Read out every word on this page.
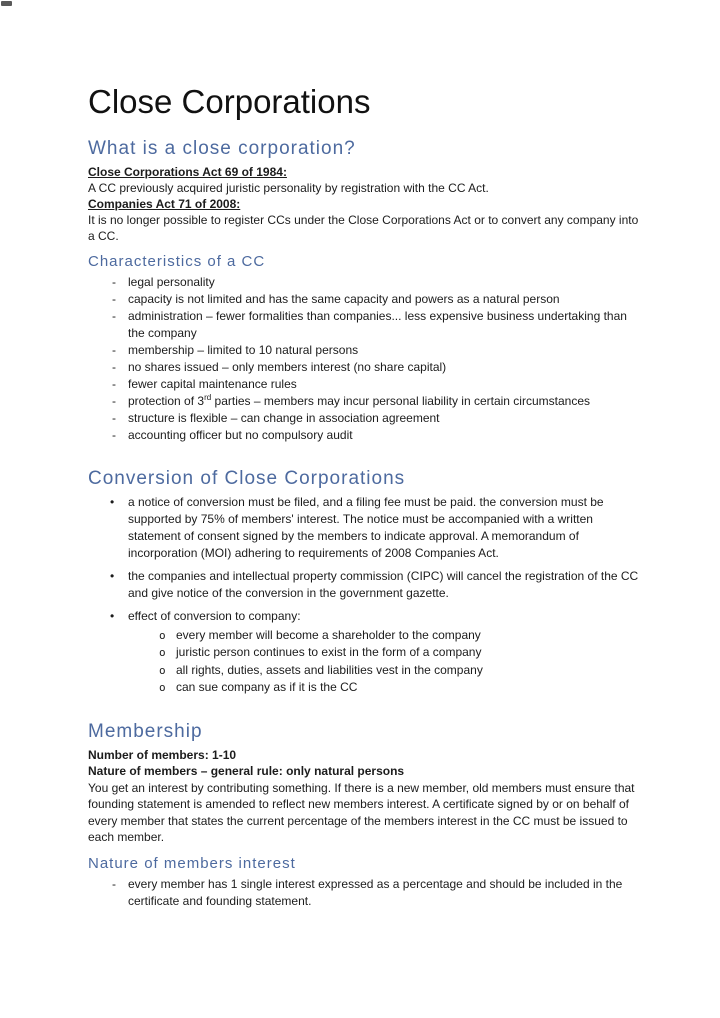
Close Corporations
What is a close corporation?

Close Corporations Act 69 of 1984:

A CC previously acquired juristic personality by registration with the CC Act.

Companies Act 71 of 2008:

It is no longer possible to register CCs under the Close Corporations Act or to convert any company into a CC.

Characteristics of a CC
- legal personality
- capacity is not limited and has the same capacity and powers as a natural person
- administration – fewer formalities than companies... less expensive business undertaking than the company
- membership – limited to 10 natural persons
- no shares issued – only members interest (no share capital)
- fewer capital maintenance rules
- protection of 3rd parties – members may incur personal liability in certain circumstances
- structure is flexible – can change in association agreement
- accounting officer but no compulsory audit
Conversion of Close Corporations
• a notice of conversion must be filed, and a filing fee must be paid. the conversion must be supported by 75% of members' interest. The notice must be accompanied with a written statement of consent signed by the members to indicate approval. A memorandum of incorporation (MOI) adhering to requirements of 2008 Companies Act.
• the companies and intellectual property commission (CIPC) will cancel the registration of the CC and give notice of the conversion in the government gazette.
• effect of conversion to company:
o every member will become a shareholder to the company
o juristic person continues to exist in the form of a company
o all rights, duties, assets and liabilities vest in the company
o can sue company as if it is the CC
Membership

Number of members: 1-10

Nature of members – general rule: only natural persons

You get an interest by contributing something. If there is a new member, old members must ensure that founding statement is amended to reflect new members interest. A certificate signed by or on behalf of every member that states the current percentage of the members interest in the CC must be issued to each member.

Nature of members interest
- every member has 1 single interest expressed as a percentage and should be included in the certificate and founding statement.
